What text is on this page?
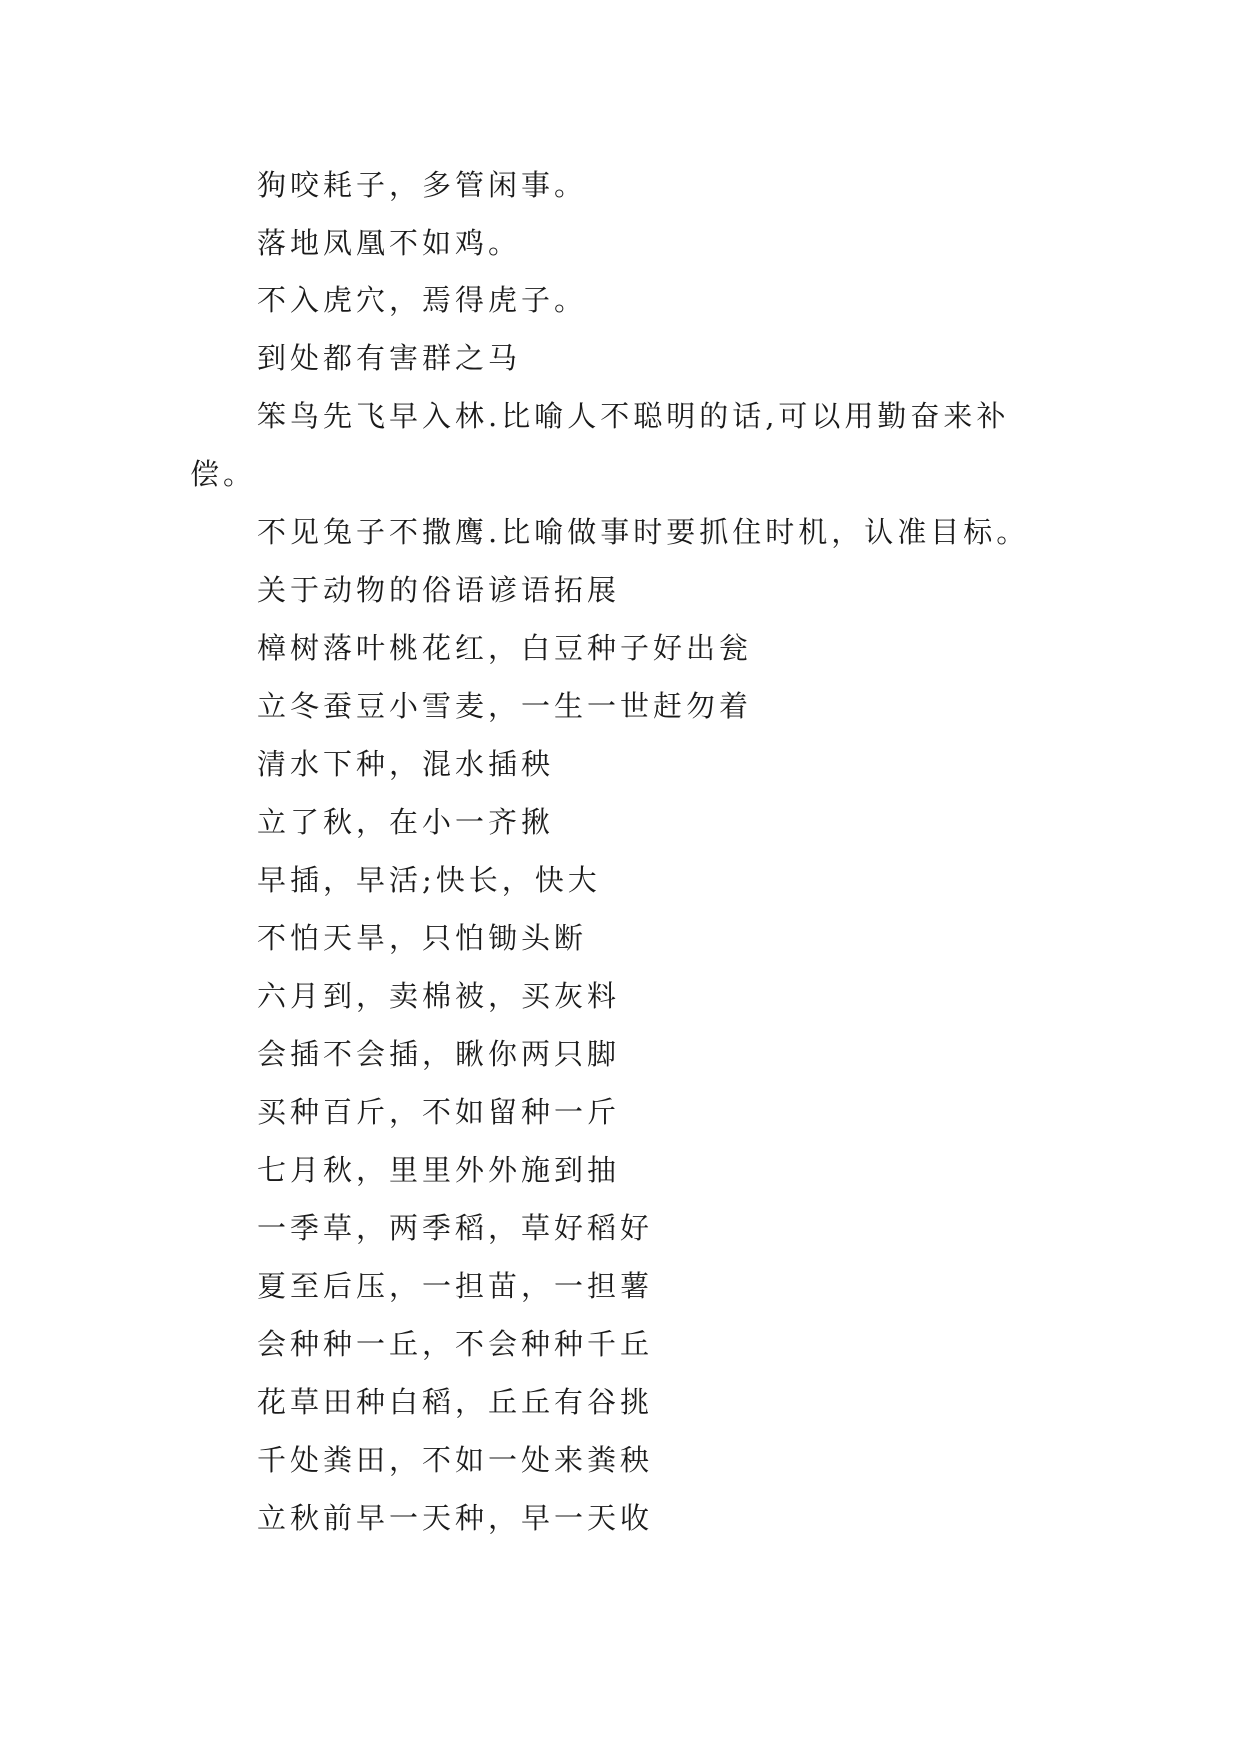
狗咬耗子，多管闲事。
落地凤凰不如鸡。
不入虎穴，焉得虎子。
到处都有害群之马
笨鸟先飞早入林.比喻人不聪明的话,可以用勤奋来补
偿。
不见兔子不撒鹰.比喻做事时要抓住时机，认准目标。
关于动物的俗语谚语拓展
樟树落叶桃花红，白豆种子好出瓮
立冬蚕豆小雪麦，一生一世赶勿着
清水下种，混水插秧
立了秋，在小一齐揪
早插，早活;快长，快大
不怕天旱，只怕锄头断
六月到，卖棉被，买灰料
会插不会插，瞅你两只脚
买种百斤，不如留种一斤
七月秋，里里外外施到抽
一季草，两季稻，草好稻好
夏至后压，一担苗，一担薯
会种种一丘，不会种种千丘
花草田种白稻，丘丘有谷挑
千处粪田，不如一处来粪秧
立秋前早一天种，早一天收
